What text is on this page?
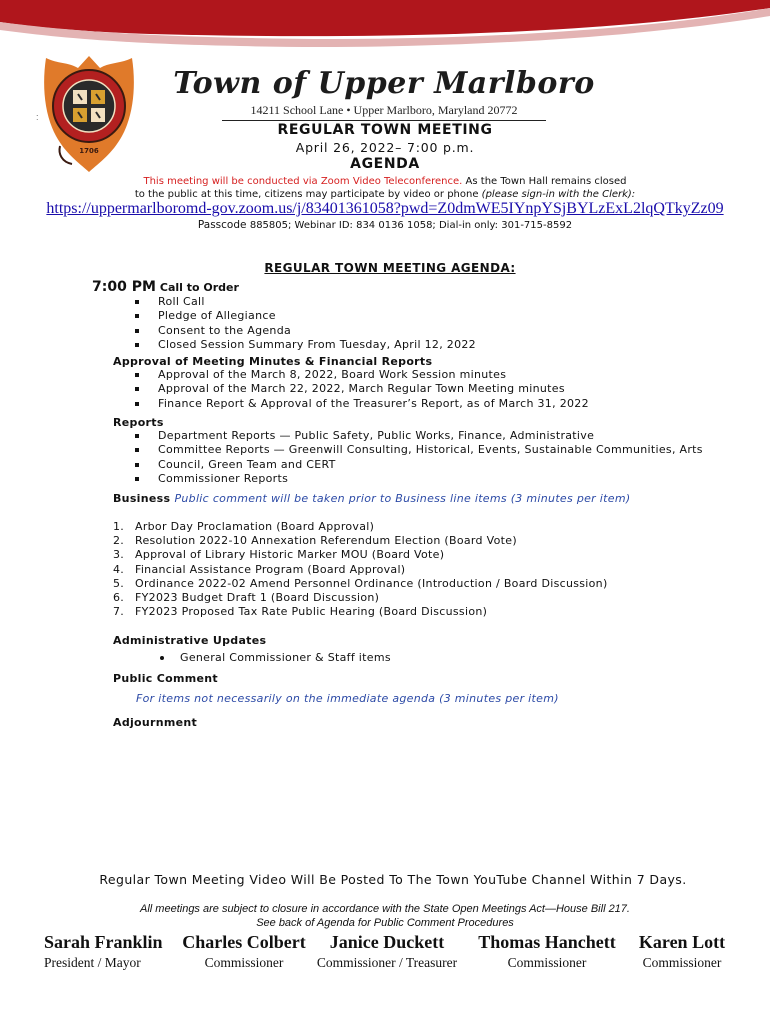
1706
:
Town of Upper Marlboro
14211 School Lane • Upper Marlboro, Maryland 20772
REGULAR TOWN MEETING
April 26, 2022– 7:00 p.m.
AGENDA
This meeting will be conducted via Zoom Video Teleconference. As the Town Hall remains closed
to the public at this time, citizens may participate by video or phone (please sign-in with the Clerk):
https://uppermarlboromd-gov.zoom.us/j/83401361058?pwd=Z0dmWE5IYnpYSjBYLzExL2lqQTkyZz09
Passcode 885805; Webinar ID: 834 0136 1058; Dial-in only: 301-715-8592
REGULAR TOWN MEETING AGENDA:
7:00 PM Call to Order
Roll Call
Pledge of Allegiance
Consent to the Agenda
Closed Session Summary From Tuesday, April 12, 2022
Approval of Meeting Minutes & Financial Reports
Approval of the March 8, 2022, Board Work Session minutes
Approval of the March 22, 2022, March Regular Town Meeting minutes
Finance Report & Approval of the Treasurer’s Report, as of March 31, 2022
Reports
Department Reports — Public Safety, Public Works, Finance, Administrative
Committee Reports — Greenwill Consulting, Historical, Events, Sustainable Communities, Arts
Council, Green Team and CERT
Commissioner Reports
Business Public comment will be taken prior to Business line items (3 minutes per item)
1. Arbor Day Proclamation (Board Approval)
2. Resolution 2022-10 Annexation Referendum Election (Board Vote)
3. Approval of Library Historic Marker MOU (Board Vote)
4. Financial Assistance Program (Board Approval)
5. Ordinance 2022-02 Amend Personnel Ordinance (Introduction / Board Discussion)
6. FY2023 Budget Draft 1 (Board Discussion)
7. FY2023 Proposed Tax Rate Public Hearing (Board Discussion)
Administrative Updates
General Commissioner & Staff items
Public Comment
For items not necessarily on the immediate agenda (3 minutes per item)
Adjournment
Regular Town Meeting Video Will Be Posted To The Town YouTube Channel Within 7 Days.
All meetings are subject to closure in accordance with the State Open Meetings Act—House Bill 217.
See back of Agenda for Public Comment Procedures
Sarah Franklin
President / Mayor
Charles Colbert
Commissioner
Janice Duckett
Commissioner / Treasurer
Thomas Hanchett
Commissioner
Karen Lott
Commissioner
